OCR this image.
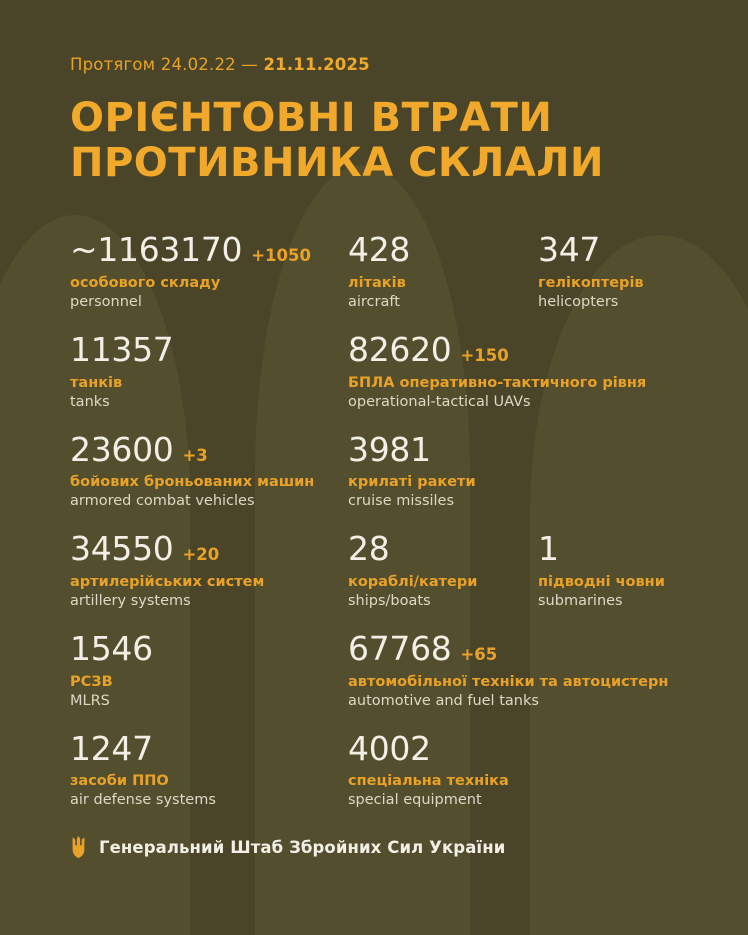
Протягом 24.02.22 — 21.11.2025
ОРІЄНТОВНІ ВТРАТИ
ПРОТИВНИКА СКЛАЛИ
~1163170 +1050
особового складу
personnel
428
літаків
aircraft
347
гелікоптерів
helicopters
11357
танків
tanks
82620 +150
БПЛА оперативно-тактичного рівня
operational-tactical UAVs
23600 +3
бойових броньованих машин
armored combat vehicles
3981
крилаті ракети
cruise missiles
34550 +20
артилерійських систем
artillery systems
28
кораблі/катери
ships/boats
1
підводні човни
submarines
1546
РСЗВ
MLRS
67768 +65
автомобільної техніки та автоцистерн
automotive and fuel tanks
1247
засоби ППО
air defense systems
4002
спеціальна техніка
special equipment
Генеральний Штаб Збройних Сил України
